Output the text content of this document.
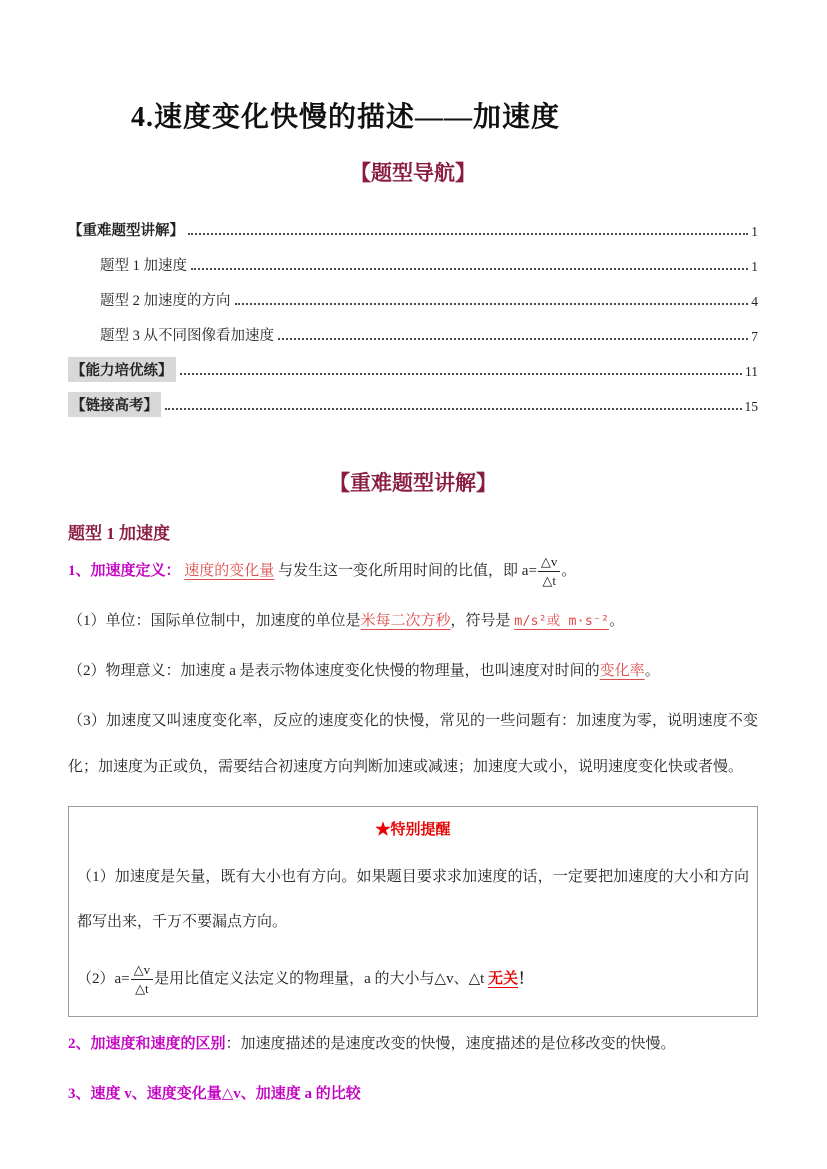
4.速度变化快慢的描述——加速度
【题型导航】
【重难题型讲解】	1
题型 1 加速度	1
题型 2 加速度的方向	4
题型 3 从不同图像看加速度	7
【能力培优练】	11
【链接高考】	15
【重难题型讲解】
题型 1 加速度

1、加速度定义： 速度的变化量 与发生这一变化所用时间的比值，即 $a= \frac{\triangle v}{\triangle t}$ 。

（1）单位：国际单位制中，加速度的单位是米每二次方秒，符号是 m/s²或 m·s⁻²。

（2）物理意义：加速度 a 是表示物体速度变化快慢的物理量，也叫速度对时间的变化率。

（3）加速度又叫速度变化率，反应的速度变化的快慢，常见的一些问题有：加速度为零，说明速度不变化；加速度为正或负，需要结合初速度方向判断加速或减速；加速度大或小，说明速度变化快或者慢。

★特别提醒

（1）加速度是矢量，既有大小也有方向。如果题目要求求加速度的话，一定要把加速度的大小和方向都写出来，千万不要漏点方向。

$(2)a= \frac{\triangle v}{\triangle t}$ 是用比值定义法定义的物理量，a 的大小与△v、△t 无关！

2、加速度和速度的区别：加速度描述的是速度改变的快慢，速度描述的是位移改变的快慢。

3、速度 v、速度变化量△v、加速度 a 的比较
